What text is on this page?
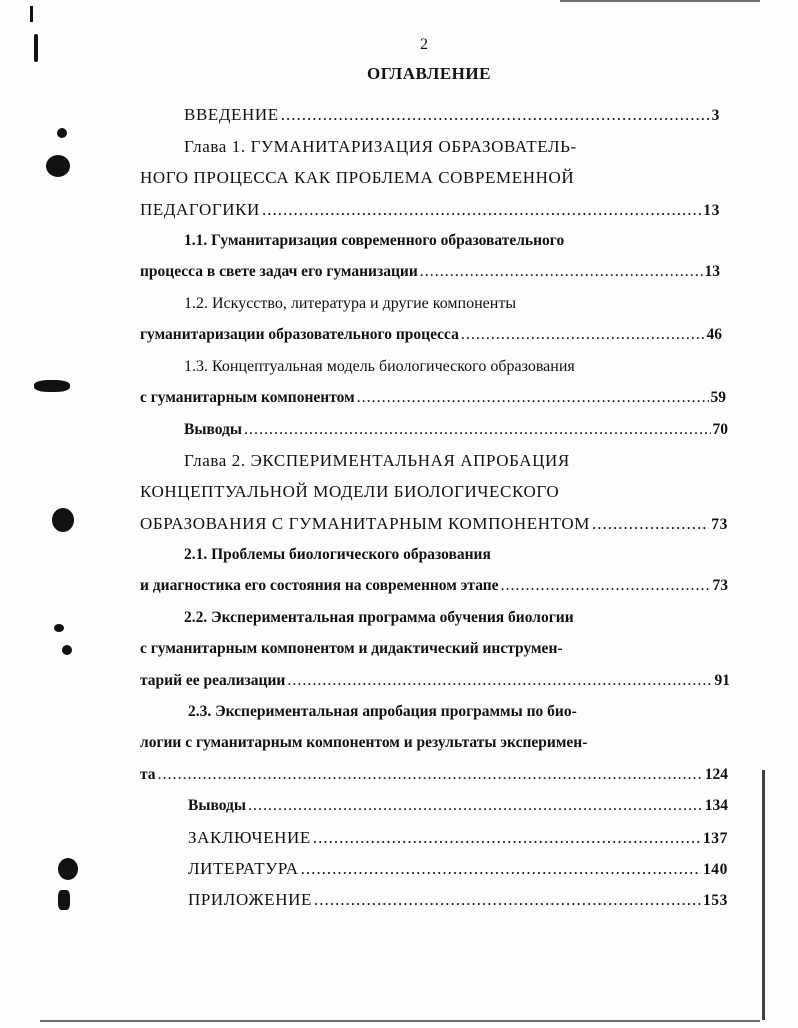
2
ОГЛАВЛЕНИЕ
ВВЕДЕНИЕ .....	3
Глава 1. ГУМАНИТАРИЗАЦИЯ ОБРАЗОВАТЕЛЬ-
НОГО ПРОЦЕССА КАК ПРОБЛЕМА СОВРЕМЕННОЙ
ПЕДАГОГИКИ .....	13
1.1. Гуманитаризация современного образовательного
процесса в свете задач его гуманизации .....	13
1.2. Искусство, литература и другие компоненты
гуманитаризации образовательного процесса .....	46
1.3. Концептуальная модель биологического образования
с гуманитарным компонентом .....	59
Выводы .....	70
Глава 2. ЭКСПЕРИМЕНТАЛЬНАЯ АПРОБАЦИЯ
КОНЦЕПТУАЛЬНОЙ МОДЕЛИ БИОЛОГИЧЕСКОГО
ОБРАЗОВАНИЯ С ГУМАНИТАРНЫМ КОМПОНЕНТОМ .....	73
2.1. Проблемы биологического образования
и диагностика его состояния на современном этапе .....	73
2.2. Экспериментальная программа обучения биологии
с гуманитарным компонентом и дидактический инструмен-
тарий ее реализации .....	91
2.3. Экспериментальная апробация программы по био-
логии с гуманитарным компонентом и результаты эксперимен-
та .....	124
Выводы .....	134
ЗАКЛЮЧЕНИЕ .....	137
ЛИТЕРАТУРА .....	140
ПРИЛОЖЕНИЕ .....	153
